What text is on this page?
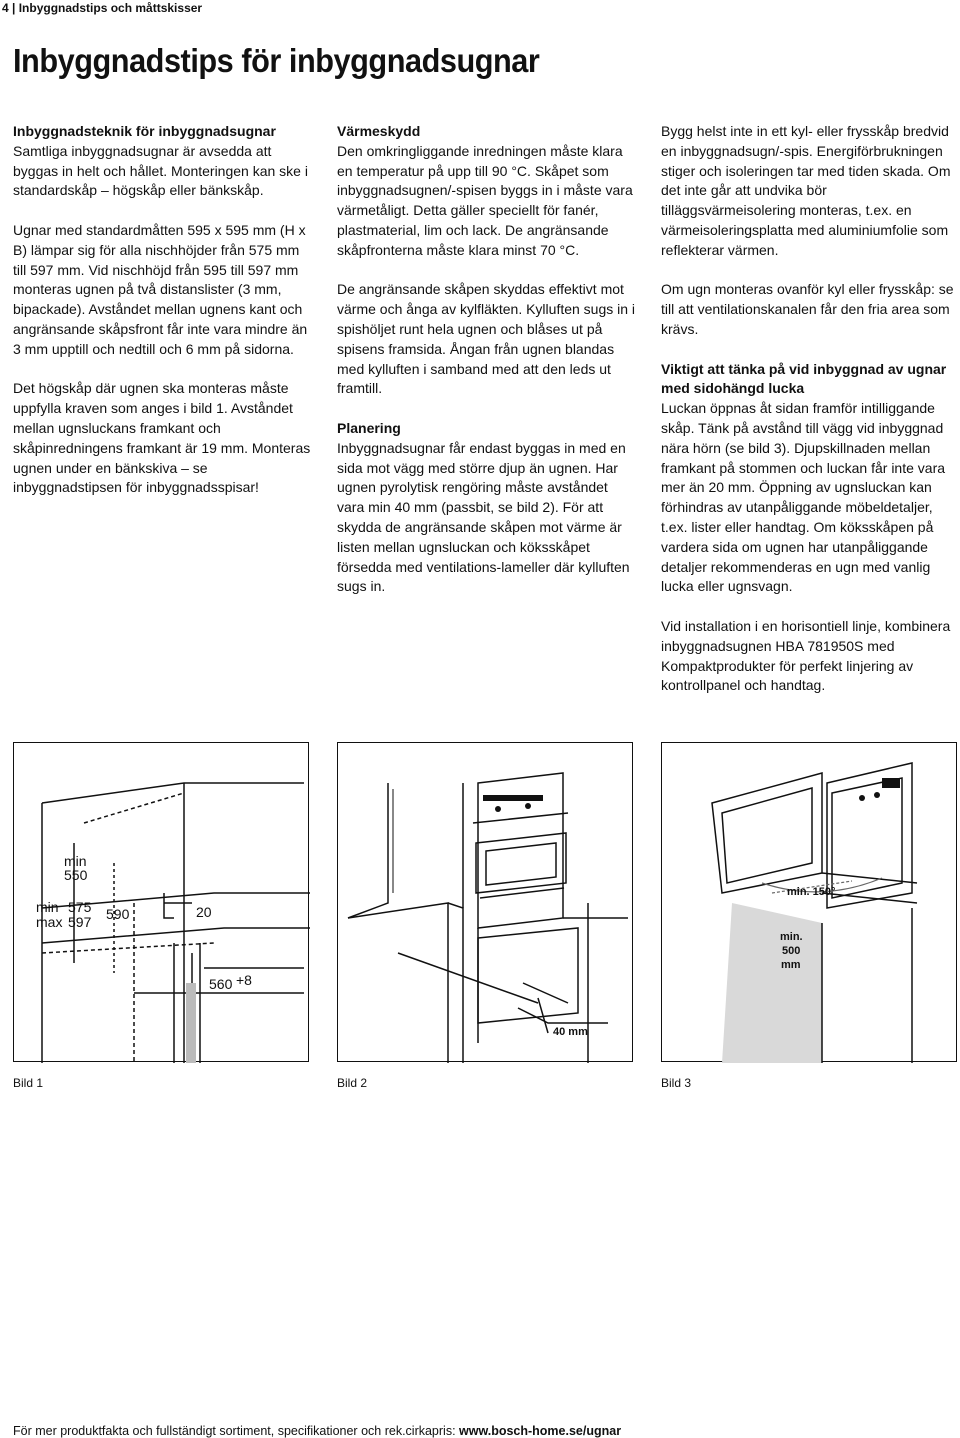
4 | Inbyggnadstips och måttskisser
Inbyggnadstips för inbyggnadsugnar

Inbyggnadsteknik för inbyggnadsugnar
Samtliga inbyggnadsugnar är avsedda att byggas in helt och hållet. Monteringen kan ske i standardskåp – högskåp eller bänkskåp.

Ugnar med standardmåtten 595 x 595 mm (H x B) lämpar sig för alla nischhöjder från 575 mm till 597 mm. Vid nischhöjd från 595 till 597 mm monteras ugnen på två distanslister (3 mm, bipackade). Avståndet mellan ugnens kant och angränsande skåpsfront får inte vara mindre än 3 mm upptill och nedtill och 6 mm på sidorna.

Det högskåp där ugnen ska monteras måste uppfylla kraven som anges i bild 1. Avståndet mellan ugnsluckans framkant och skåpinredningens framkant är 19 mm. Monteras ugnen under en bänkskiva – se inbyggnadstipsen för inbyggnadsspisar!

Värmeskydd
Den omkringliggande inredningen måste klara en temperatur på upp till 90 °C. Skåpet som inbyggnadsugnen/-spisen byggs in i måste vara värmetåligt. Detta gäller speciellt för fanér, plastmaterial, lim och lack. De angränsande skåpfronterna måste klara minst 70 °C.

De angränsande skåpen skyddas effektivt mot värme och ånga av kylfläkten. Kylluften sugs in i spishöljet runt hela ugnen och blåses ut på spisens framsida. Ångan från ugnen blandas med kylluften i samband med att den leds ut framtill.

Planering
Inbyggnadsugnar får endast byggas in med en sida mot vägg med större djup än ugnen. Har ugnen pyrolytisk rengöring måste avståndet vara min 40 mm (passbit, se bild 2). För att skydda de angränsande skåpen mot värme är listen mellan ugnsluckan och köksskåpet försedda med ventilations-lameller där kylluften sugs in.

Bygg helst inte in ett kyl- eller frysskåp bredvid en inbyggnadsugn/-spis. Energiförbrukningen stiger och isoleringen tar med tiden skada. Om det inte går att undvika bör tilläggsvärmeisolering monteras, t.ex. en värmeisoleringsplatta med aluminiumfolie som reflekterar värmen.

Om ugn monteras ovanför kyl eller frysskåp: se till att ventilationskanalen får den fria area som krävs.

Viktigt att tänka på vid inbyggnad av ugnar med sidohängd lucka
Luckan öppnas åt sidan framför intilliggande skåp. Tänk på avstånd till vägg vid inbyggnad nära hörn (se bild 3). Djupskillnaden mellan framkant på stommen och luckan får inte vara mer än 20 mm. Öppning av ugnsluckan kan förhindras av utanpåliggande möbeldetaljer, t.ex. lister eller handtag. Om köksskåpen på vardera sida om ugnen har utanpåliggande detaljer rekommenderas en ugn med vanlig lucka eller ugnsvagn.

Vid installation i en horisontiell linje, kombinera inbyggnadsugnen HBA 781950S med Kompaktprodukter för perfekt linjering av kontrollpanel och handtag.

min
550
min 575
max 597 590	20
560 +8
40 mm
min. 150°
min.
500
mm
Bild 1	Bild 2	Bild 3
För mer produktfakta och fullständigt sortiment, specifikationer och rek.cirkapris: www.bosch-home.se/ugnar
